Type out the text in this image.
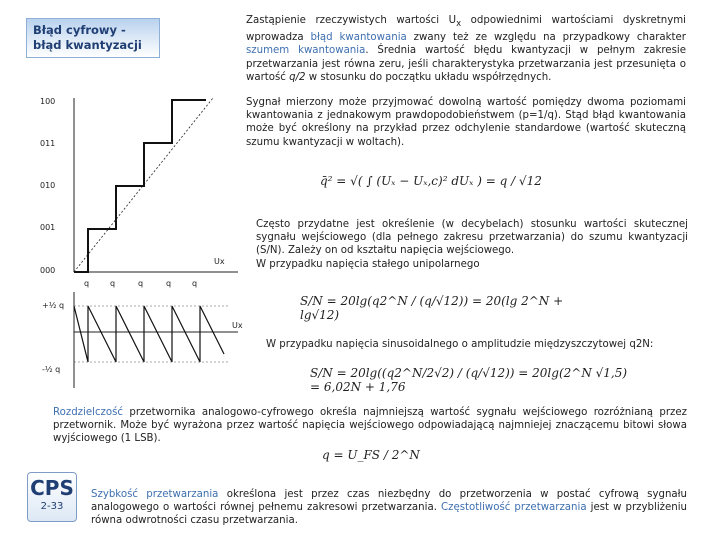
Błąd cyfrowy -
błąd kwantyzacji
100
011
010
001
000
Ux
q	q	q	q	q
+½ q
-½ q
Ux
Zastąpienie rzeczywistych wartości $U_x$ odpowiednimi wartościami dyskretnymi wprowadza błąd kwantowania zwany też ze względu na przypadkowy charakter szumem kwantowania. Średnia wartość błędu kwantyzacji w pełnym zakresie przetwarzania jest równa zeru, jeśli charakterystyka przetwarzania jest przesunięta o wartość q/2 w stosunku do początku układu współrzędnych.
Sygnał mierzony może przyjmować dowolną wartość pomiędzy dwoma poziomami kwantowania z jednakowym prawdopodobieństwem (p=1/q). Stąd błąd kwantowania może być określony na przykład przez odchylenie standardowe (wartość skuteczną szumu kwantyzacji w woltach).
q̄² = √( ∫ (Uₓ − Uₓ,c)² dUₓ ) = q / √12
Często przydatne jest określenie (w decybelach) stosunku wartości skutecznej sygnału wejściowego (dla pełnego zakresu przetwarzania) do szumu kwantyzacji (S/N). Zależy on od kształtu napięcia wejściowego.
W przypadku napięcia stałego unipolarnego
S/N = 20lg(q2^N / (q/√12)) = 20(lg 2^N + lg√12)
W przypadku napięcia sinusoidalnego o amplitudzie międzyszczytowej q2N:
S/N = 20lg((q2^N/2√2) / (q/√12)) = 20lg(2^N √1,5) = 6,02N + 1,76
Rozdzielczość przetwornika analogowo-cyfrowego określa najmniejszą wartość sygnału wejściowego rozróżnianą przez przetwornik. Może być wyrażona przez wartość napięcia wejściowego odpowiadającą najmniejej znaczącemu bitowi słowa wyjściowego (1 LSB).
q = U_FS / 2^N
CPS
2-33
Szybkość przetwarzania określona jest przez czas niezbędny do przetworzenia w postać cyfrową sygnału analogowego o wartości równej pełnemu zakresowi przetwarzania. Częstotliwość przetwarzania jest w przybliżeniu równa odwrotności czasu przetwarzania.
